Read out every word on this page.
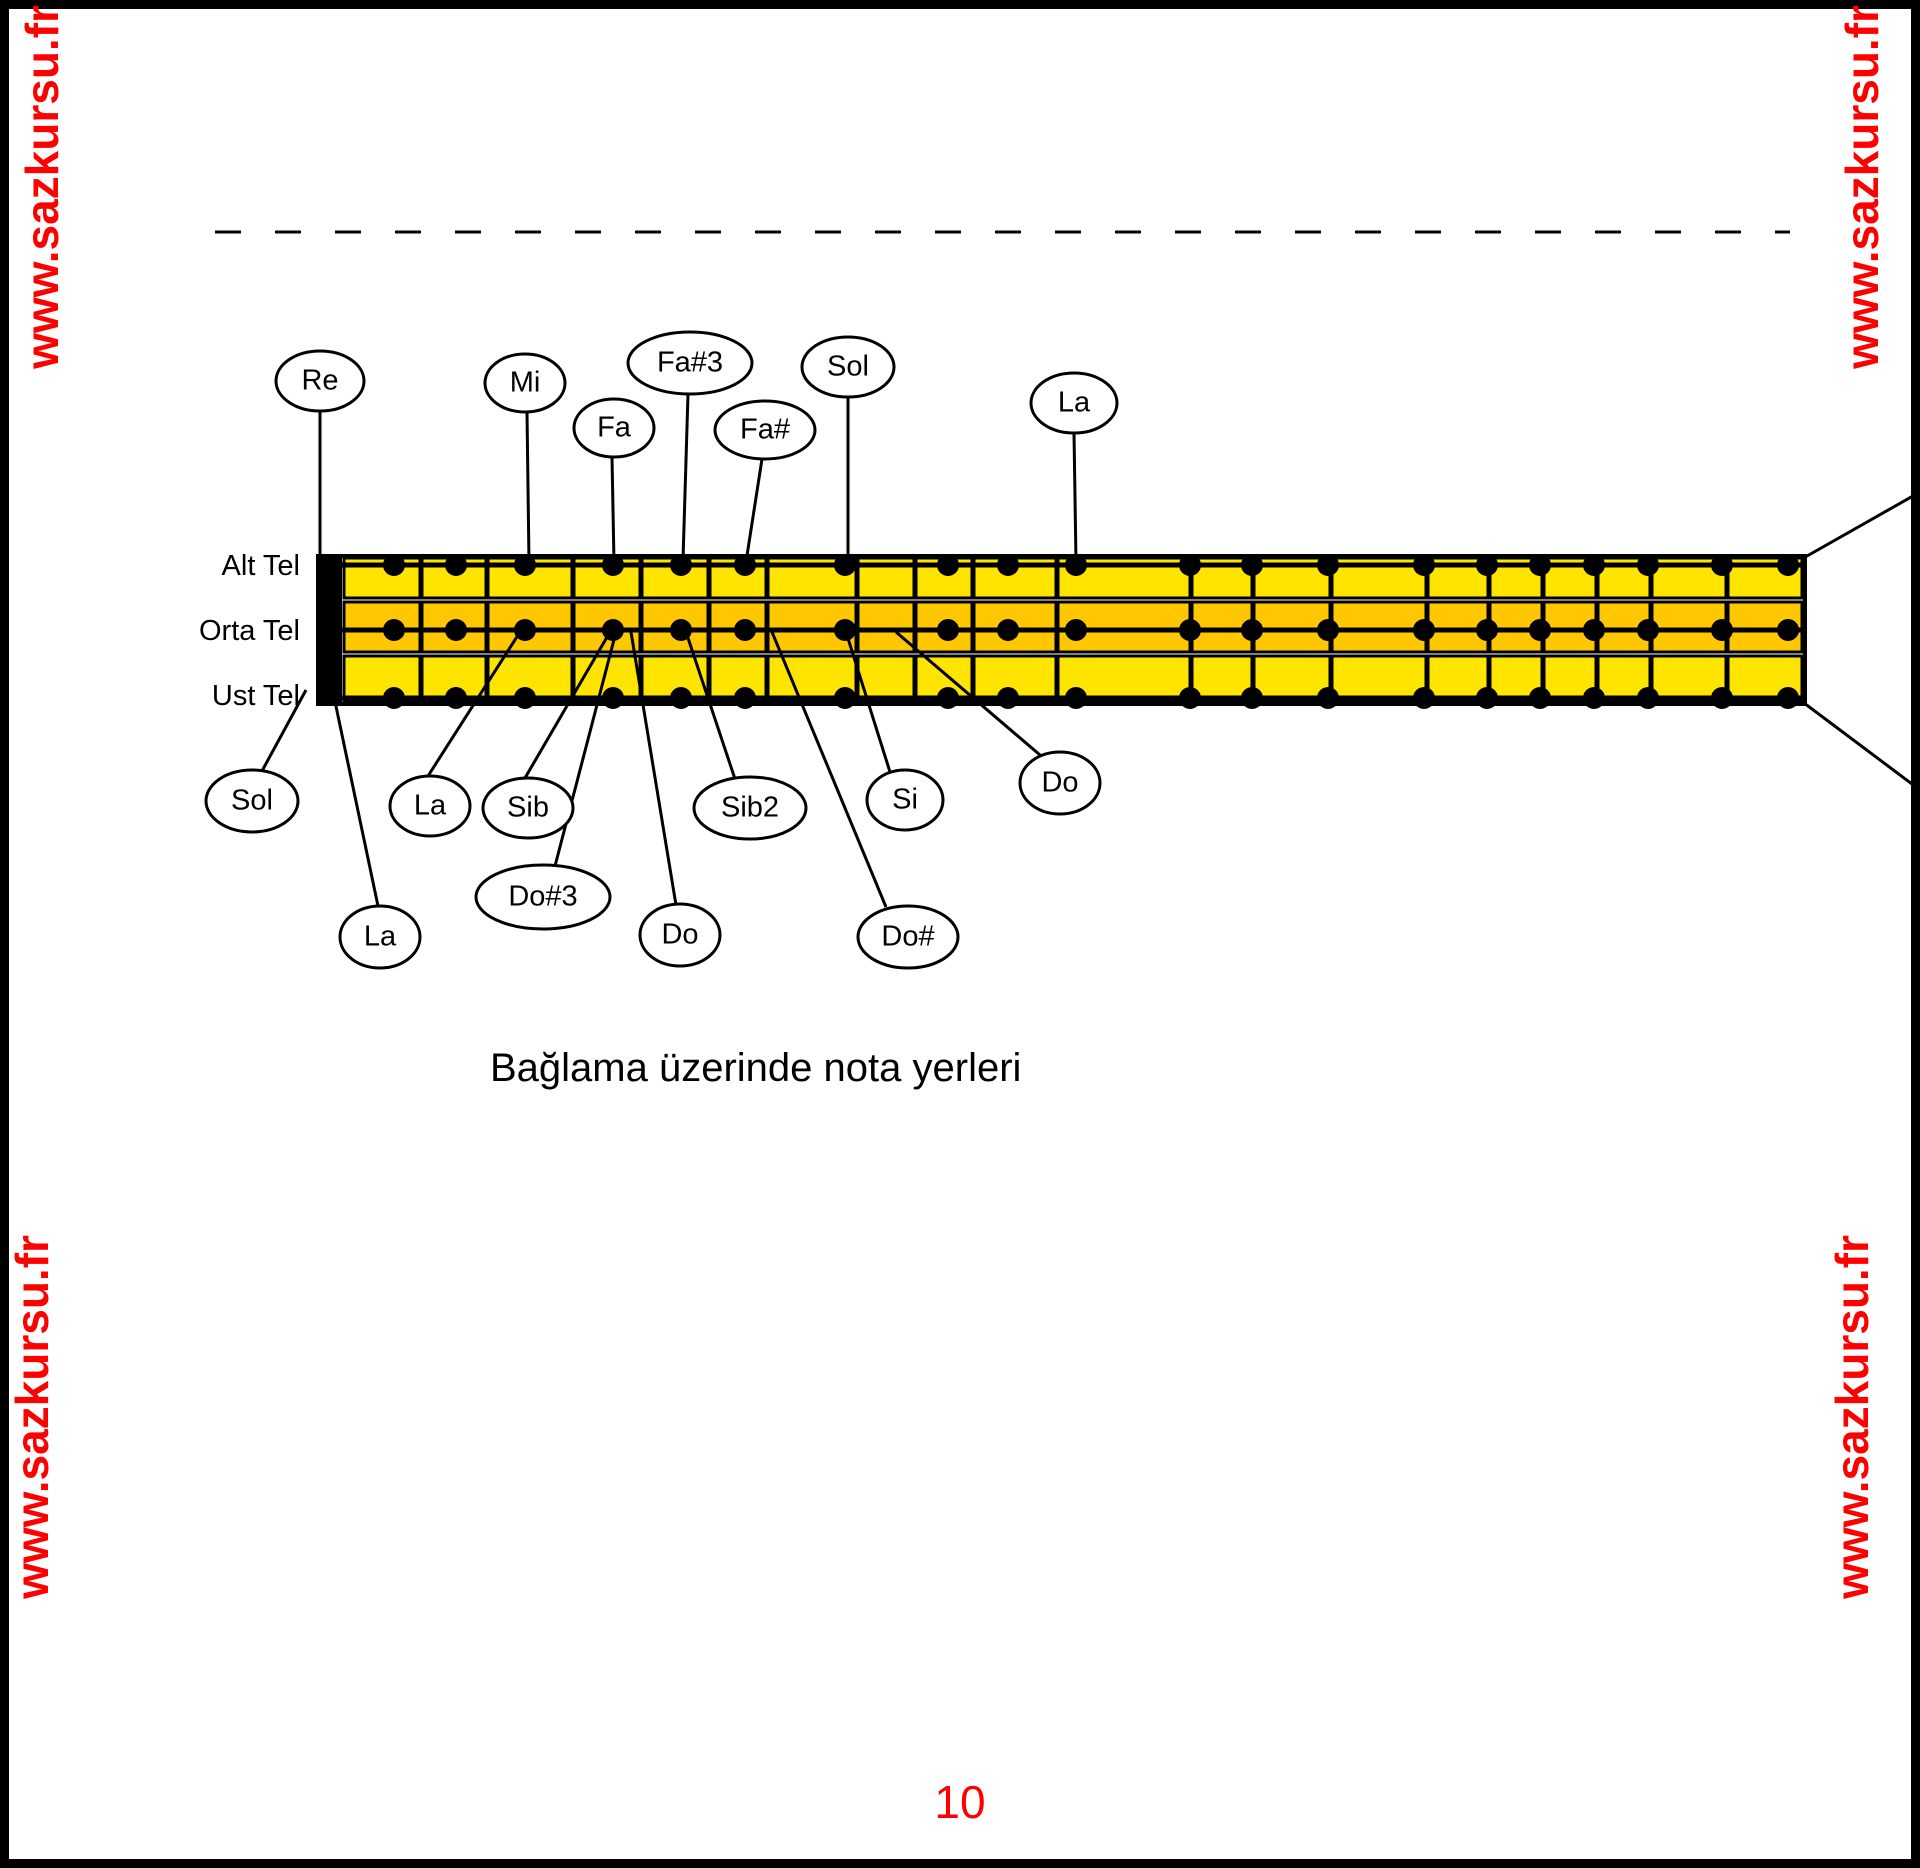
www.sazkursu.fr	www.sazkursu.fr
www.sazkursu.fr	www.sazkursu.fr
Re	Mi
Fa
Fa#3
Fa#
Sol
La
Do#3
Sol
La
La Sib
Do
Sib2
Do#
Si
Do
Alt Tel
Orta Tel
Ust Tel
Bağlama üzerinde nota yerleri
10
